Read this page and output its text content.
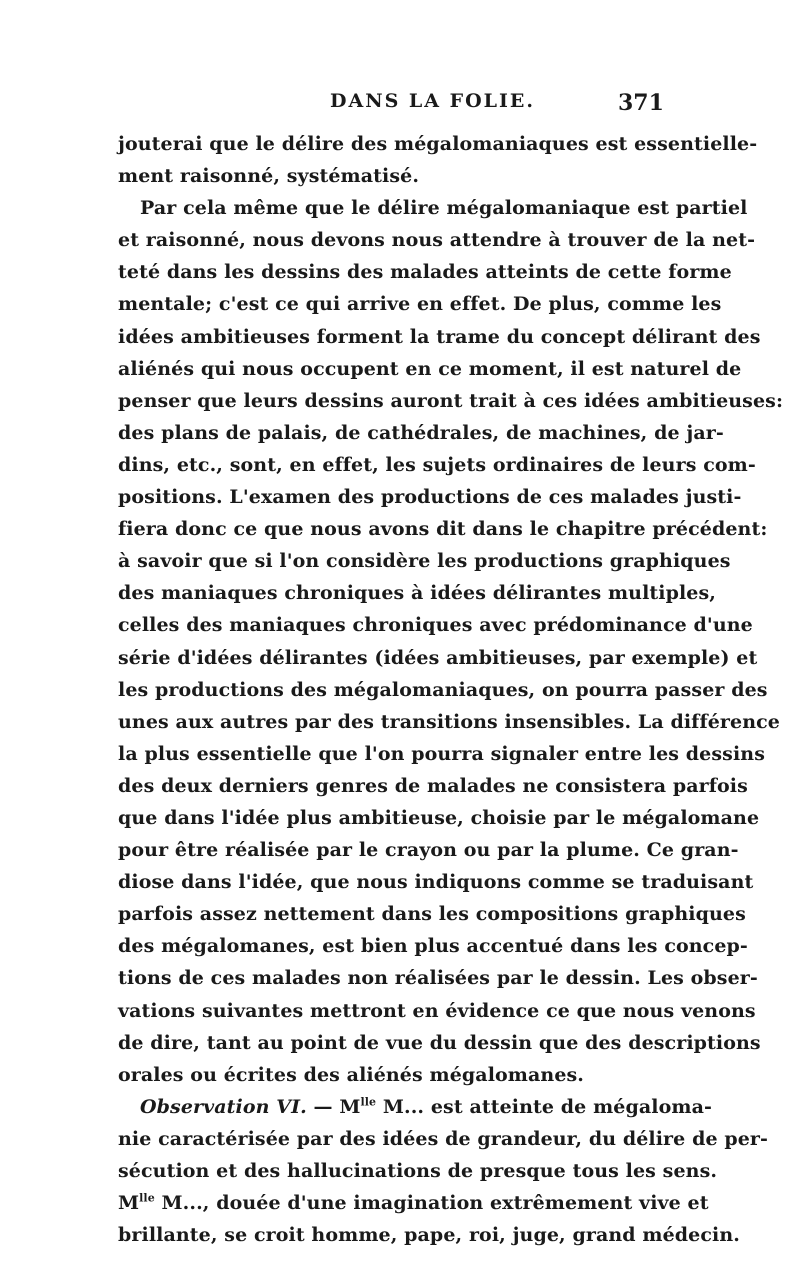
DANS LA FOLIE.	371
jouterai que le délire des mégalomaniaques est essentielle-
ment raisonné, systématisé.
Par cela même que le délire mégalomaniaque est partiel
et raisonné, nous devons nous attendre à trouver de la net-
teté dans les dessins des malades atteints de cette forme
mentale; c'est ce qui arrive en effet. De plus, comme les
idées ambitieuses forment la trame du concept délirant des
aliénés qui nous occupent en ce moment, il est naturel de
penser que leurs dessins auront trait à ces idées ambitieuses:
des plans de palais, de cathédrales, de machines, de jar-
dins, etc., sont, en effet, les sujets ordinaires de leurs com-
positions. L'examen des productions de ces malades justi-
fiera donc ce que nous avons dit dans le chapitre précédent:
à savoir que si l'on considère les productions graphiques
des maniaques chroniques à idées délirantes multiples,
celles des maniaques chroniques avec prédominance d'une
série d'idées délirantes (idées ambitieuses, par exemple) et
les productions des mégalomaniaques, on pourra passer des
unes aux autres par des transitions insensibles. La différence
la plus essentielle que l'on pourra signaler entre les dessins
des deux derniers genres de malades ne consistera parfois
que dans l'idée plus ambitieuse, choisie par le mégalomane
pour être réalisée par le crayon ou par la plume. Ce gran-
diose dans l'idée, que nous indiquons comme se traduisant
parfois assez nettement dans les compositions graphiques
des mégalomanes, est bien plus accentué dans les concep-
tions de ces malades non réalisées par le dessin. Les obser-
vations suivantes mettront en évidence ce que nous venons
de dire, tant au point de vue du dessin que des descriptions
orales ou écrites des aliénés mégalomanes.
Observation VI. — $M^{lle}$ M... est atteinte de mégaloma-
nie caractérisée par des idées de grandeur, du délire de per-
sécution et des hallucinations de presque tous les sens.
$M^{lle}$ M..., douée d'une imagination extrêmement vive et
brillante, se croit homme, pape, roi, juge, grand médecin.
